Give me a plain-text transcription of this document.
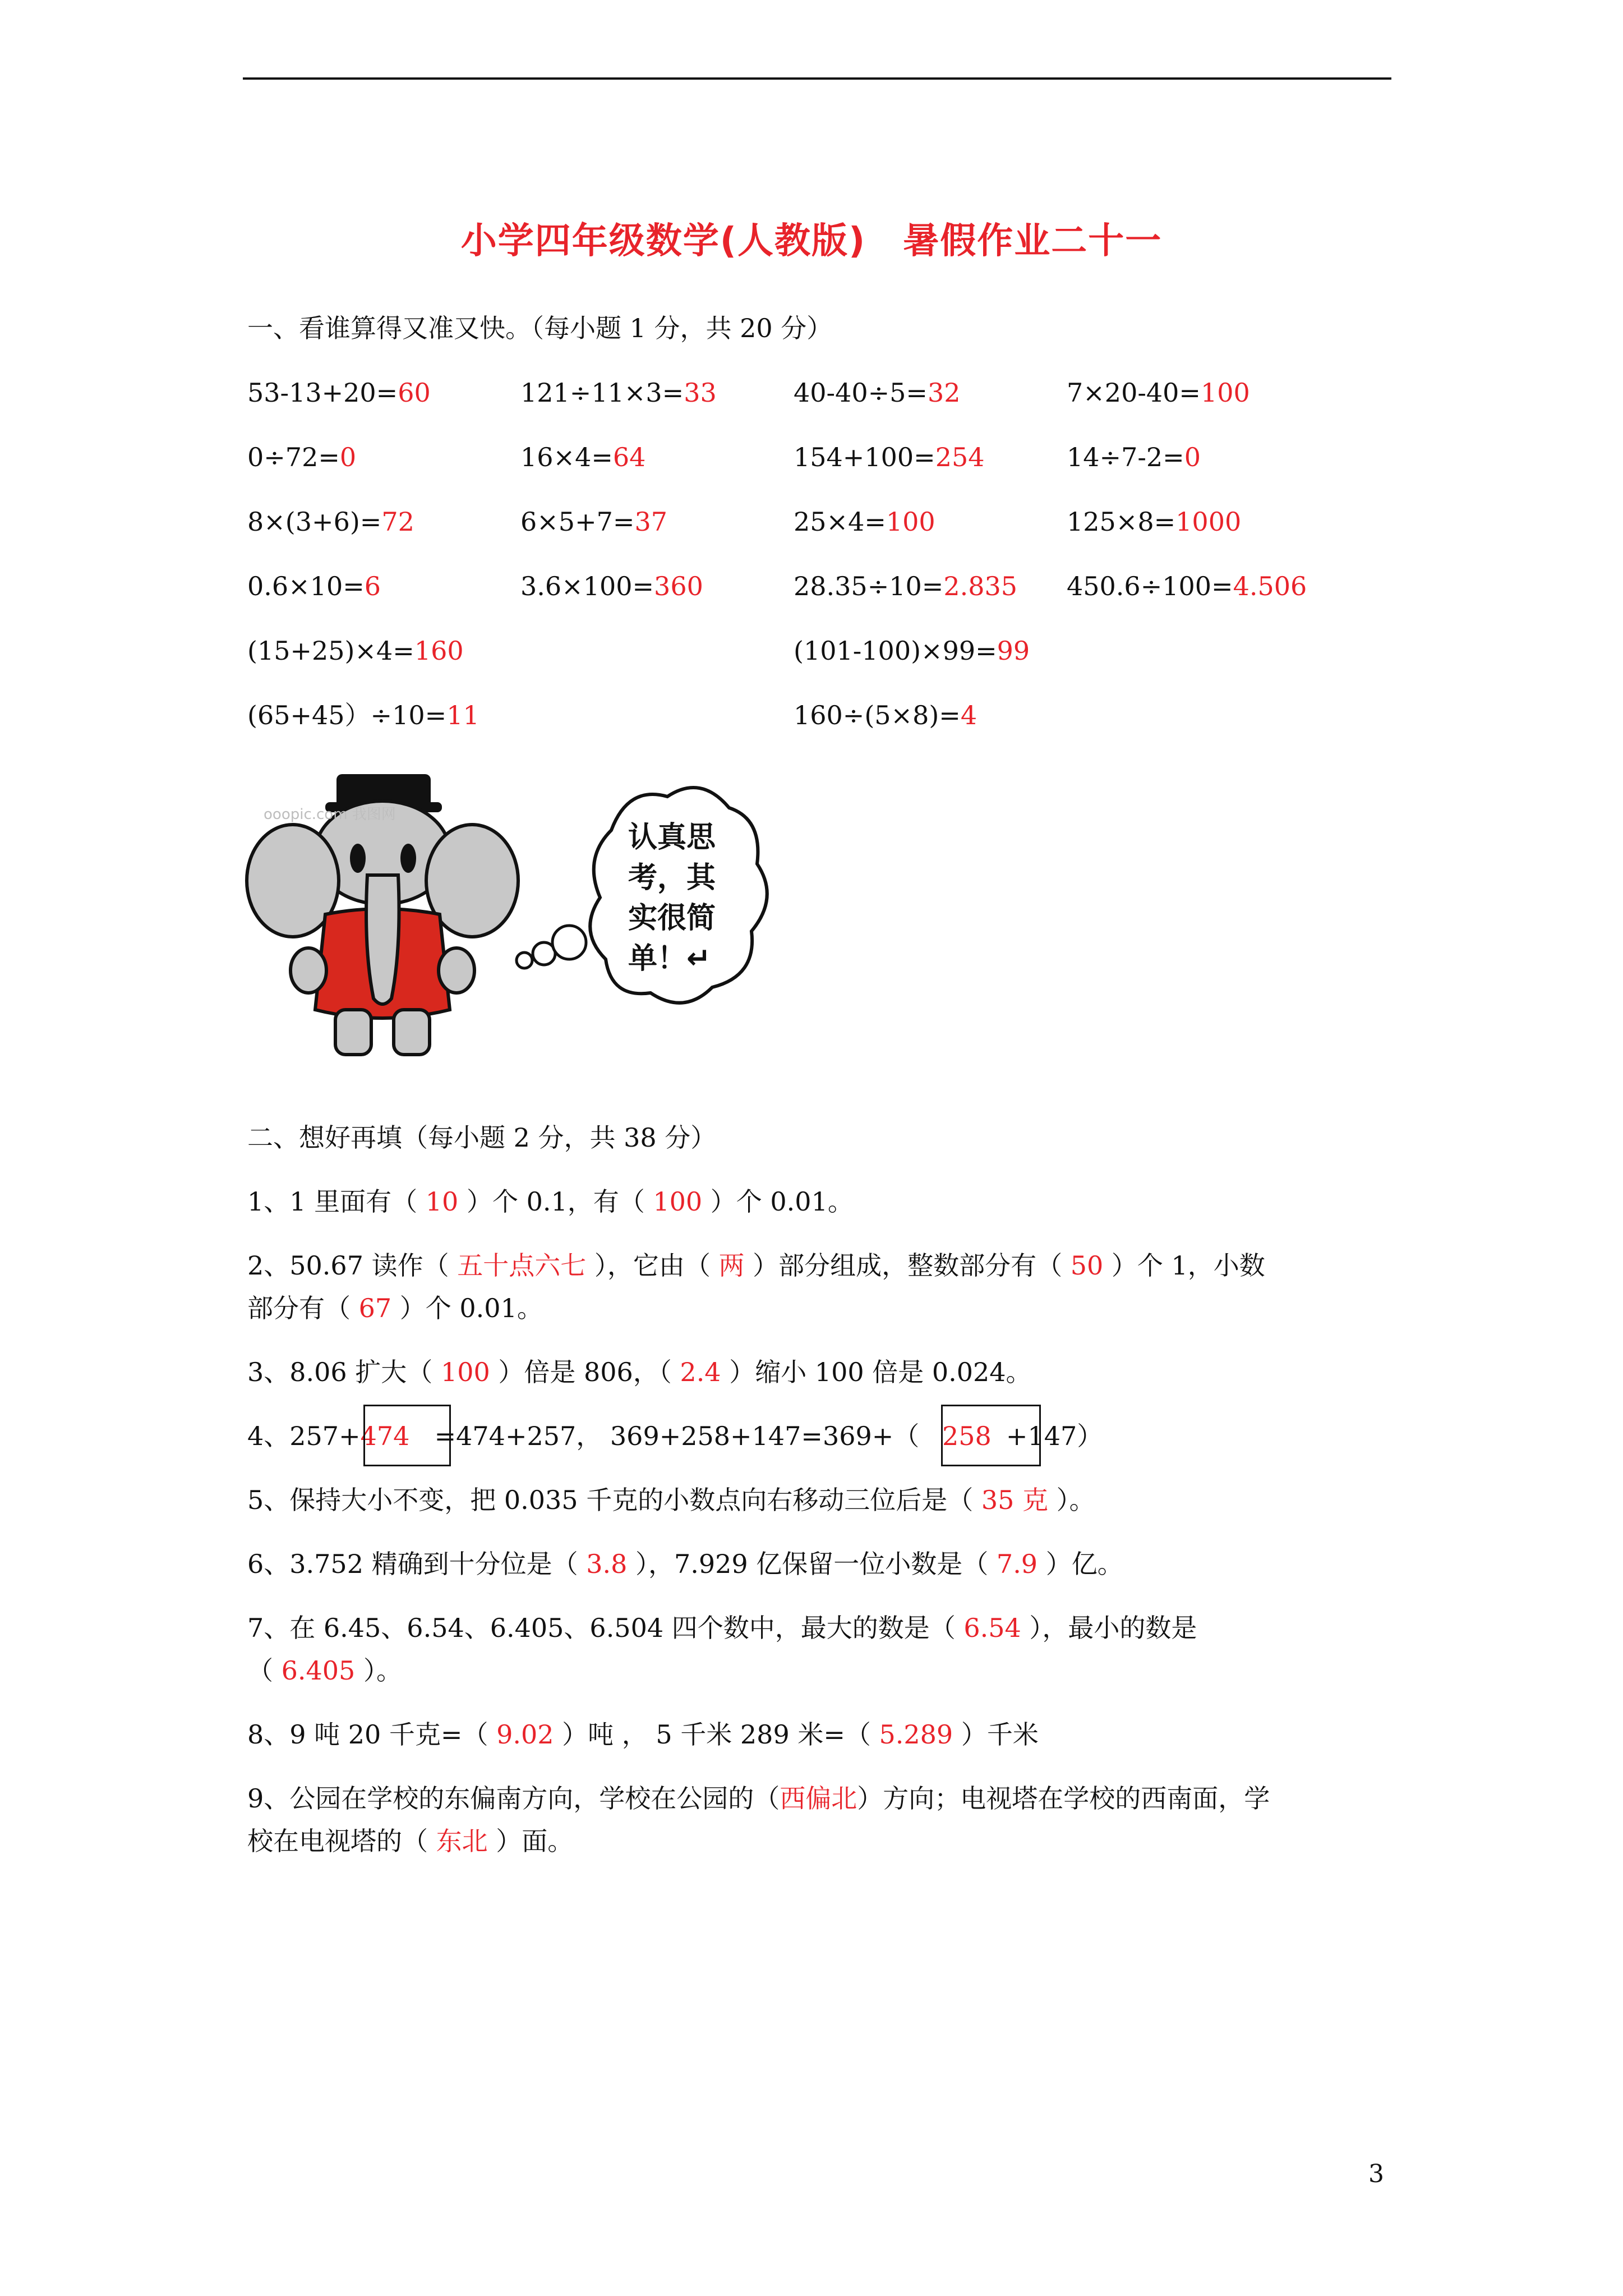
小学四年级数学(人教版)　暑假作业二十一
一、看谁算得又准又快。（每小题 1 分，共 20 分）
53-13+20=60	121÷11×3=33	40-40÷5=32	7×20-40=100
0÷72=0	16×4=64	154+100=254	14÷7-2=0
8×(3+6)=72	6×5+7=37	25×4=100	125×8=1000
0.6×10=6	3.6×100=360	28.35÷10=2.835 450.6÷100=4.506
(15+25)×4=160	(101-100)×99=99
(65+45）÷10=11	160÷(5×8)=4
认真思考，其实很简单！↵
ooopic.com 我图网
二、想好再填（每小题 2 分，共 38 分）
1、1 里面有（ 10 ）个 0.1，有（ 100 ）个 0.01。
2、50.67 读作（ 五十点六七 ），它由（ 两 ）部分组成，整数部分有（ 50 ）个 1，小数
部分有（ 67 ）个 0.01。
3、8.06 扩大（ 100 ）倍是 806，（ 2.4 ）缩小 100 倍是 0.024。
4、257+474 =474+257， 369+258+147=369+（ 258 +147）
5、保持大小不变，把 0.035 千克的小数点向右移动三位后是（ 35 克 ）。
6、3.752 精确到十分位是（ 3.8 ），7.929 亿保留一位小数是（ 7.9 ）亿。
7、在 6.45、6.54、6.405、6.504 四个数中，最大的数是（ 6.54 ），最小的数是
（ 6.405 ）。
8、9 吨 20 千克=（ 9.02 ）吨 ， 5 千米 289 米=（ 5.289 ）千米
9、公园在学校的东偏南方向，学校在公园的（西偏北）方向；电视塔在学校的西南面，学
校在电视塔的（ 东北 ）面。
3
